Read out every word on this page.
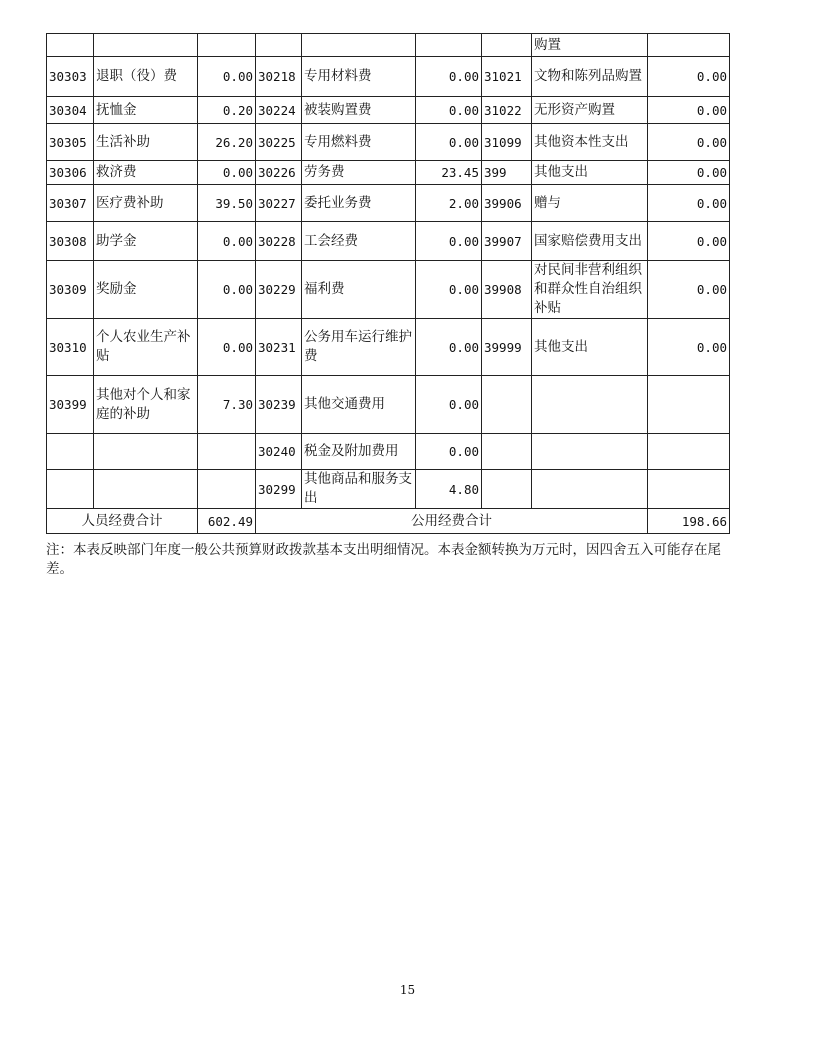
							购置	
30303	退职（役）费	0.00	30218	专用材料费	0.00	31021	文物和陈列品购置	0.00
30304	抚恤金	0.20	30224	被装购置费	0.00	31022	无形资产购置	0.00
30305	生活补助	26.20	30225	专用燃料费	0.00	31099	其他资本性支出	0.00
30306	救济费	0.00	30226	劳务费	23.45	399	其他支出	0.00
30307	医疗费补助	39.50	30227	委托业务费	2.00	39906	赠与	0.00
30308	助学金	0.00	30228	工会经费	0.00	39907	国家赔偿费用支出	0.00
30309	奖励金	0.00	30229	福利费	0.00	39908	对民间非营利组织和群众性自治组织补贴	0.00
30310	个人农业生产补贴	0.00	30231	公务用车运行维护费	0.00	39999	其他支出	0.00
30399	其他对个人和家庭的补助	7.30	30239	其他交通费用	0.00			
			30240	税金及附加费用	0.00			
			30299	其他商品和服务支出	4.80			
人员经费合计		602.49	公用经费合计					198.66
注：本表反映部门年度一般公共预算财政拨款基本支出明细情况。本表金额转换为万元时，因四舍五入可能存在尾差。
15
